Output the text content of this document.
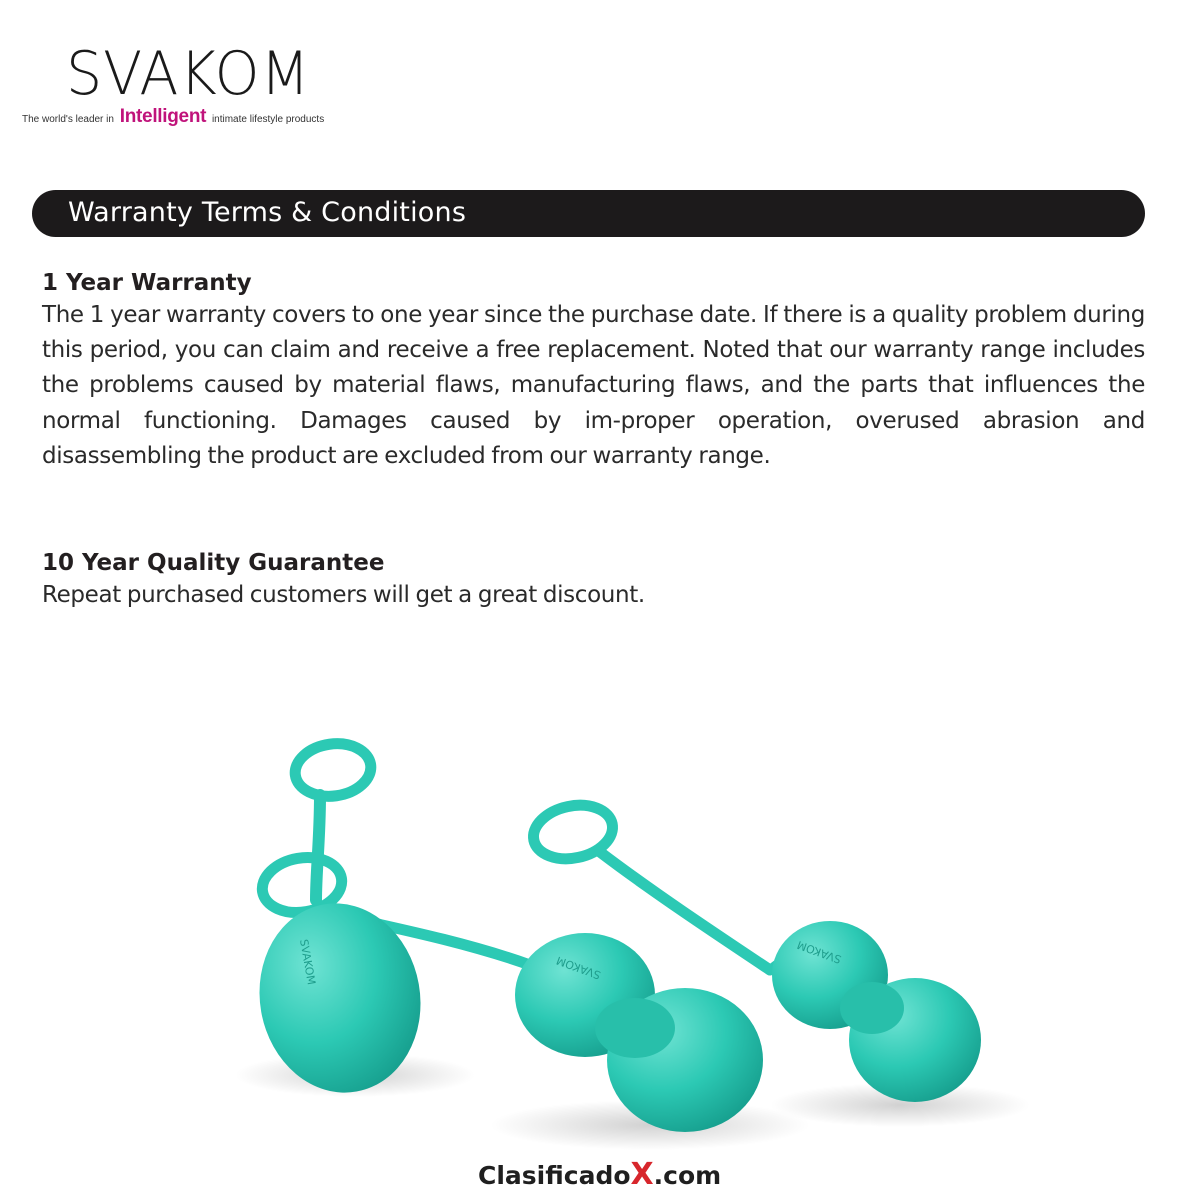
SVAKOM
The world's leader in Intelligent intimate lifestyle products
Warranty Terms & Conditions
1 Year Warranty
The 1 year warranty covers to one year since the purchase date. If there is a quality problem during this period, you can claim and receive a free replacement. Noted that our warranty range includes the problems caused by material flaws, manufacturing flaws, and the parts that influences the normal functioning. Damages caused by im-proper operation, overused abrasion and disassembling the product are excluded from our warranty range.
10 Year Quality Guarantee
Repeat purchased customers will get a great discount.
SVAKOM	SVAKOM
SVAKOM
ClasificadoX.com
